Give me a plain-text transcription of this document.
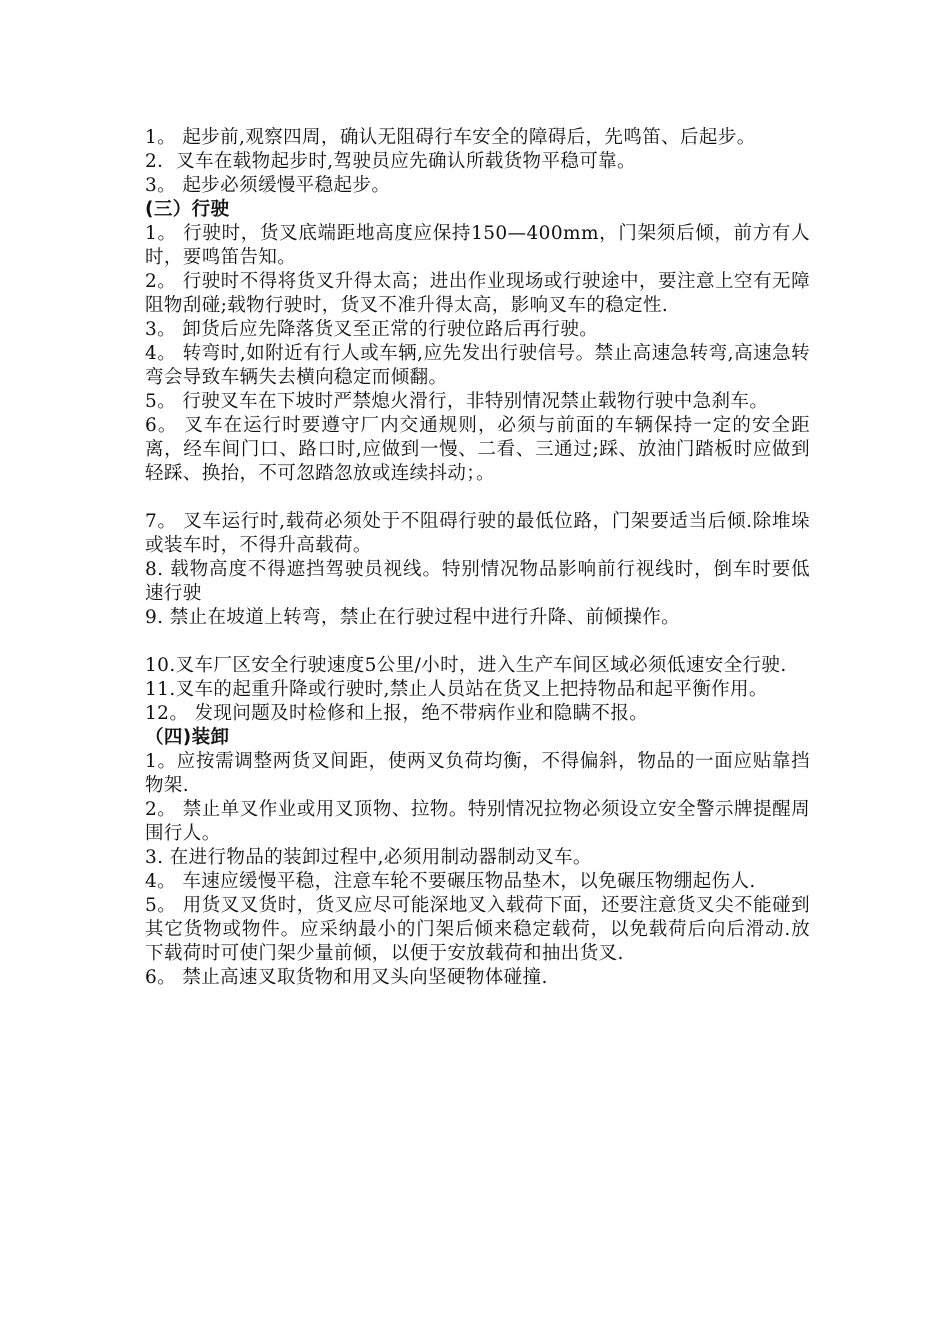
1。 起步前,观察四周，确认无阻碍行车安全的障碍后，先鸣笛、后起步。

2．叉车在载物起步时,驾驶员应先确认所载货物平稳可靠。

3。 起步必须缓慢平稳起步。

(三）行驶

1。 行驶时，货叉底端距地高度应保持150—400mm，门架须后倾，前方有人时，要鸣笛告知。

2。 行驶时不得将货叉升得太高；进出作业现场或行驶途中，要注意上空有无障阻物刮碰;载物行驶时，货叉不准升得太高，影响叉车的稳定性.

3。 卸货后应先降落货叉至正常的行驶位路后再行驶。

4。 转弯时,如附近有行人或车辆,应先发出行驶信号。禁止高速急转弯,高速急转弯会导致车辆失去横向稳定而倾翻。

5。 行驶叉车在下坡时严禁熄火滑行，非特别情况禁止载物行驶中急刹车。

6。 叉车在运行时要遵守厂内交通规则，必须与前面的车辆保持一定的安全距离，经车间门口、路口时,应做到一慢、二看、三通过;踩、放油门踏板时应做到轻踩、换抬，不可忽踏忽放或连续抖动；。

7。 叉车运行时,载荷必须处于不阻碍行驶的最低位路，门架要适当后倾.除堆垛或装车时，不得升高载荷。

8. 载物高度不得遮挡驾驶员视线。特别情况物品影响前行视线时，倒车时要低速行驶

9. 禁止在坡道上转弯，禁止在行驶过程中进行升降、前倾操作。

10.叉车厂区安全行驶速度5公里/小时，进入生产车间区域必须低速安全行驶.

11.叉车的起重升降或行驶时,禁止人员站在货叉上把持物品和起平衡作用。

12。 发现问题及时检修和上报，绝不带病作业和隐瞒不报。

（四)装卸

1。应按需调整两货叉间距，使两叉负荷均衡，不得偏斜，物品的一面应贴靠挡物架.

2。 禁止单叉作业或用叉顶物、拉物。特别情况拉物必须设立安全警示牌提醒周围行人。

3. 在进行物品的装卸过程中,必须用制动器制动叉车。

4。 车速应缓慢平稳，注意车轮不要碾压物品垫木，以免碾压物绷起伤人.

5。 用货叉叉货时，货叉应尽可能深地叉入载荷下面，还要注意货叉尖不能碰到其它货物或物件。应采纳最小的门架后倾来稳定载荷，以免载荷后向后滑动.放下载荷时可使门架少量前倾，以便于安放载荷和抽出货叉.

6。 禁止高速叉取货物和用叉头向坚硬物体碰撞.
